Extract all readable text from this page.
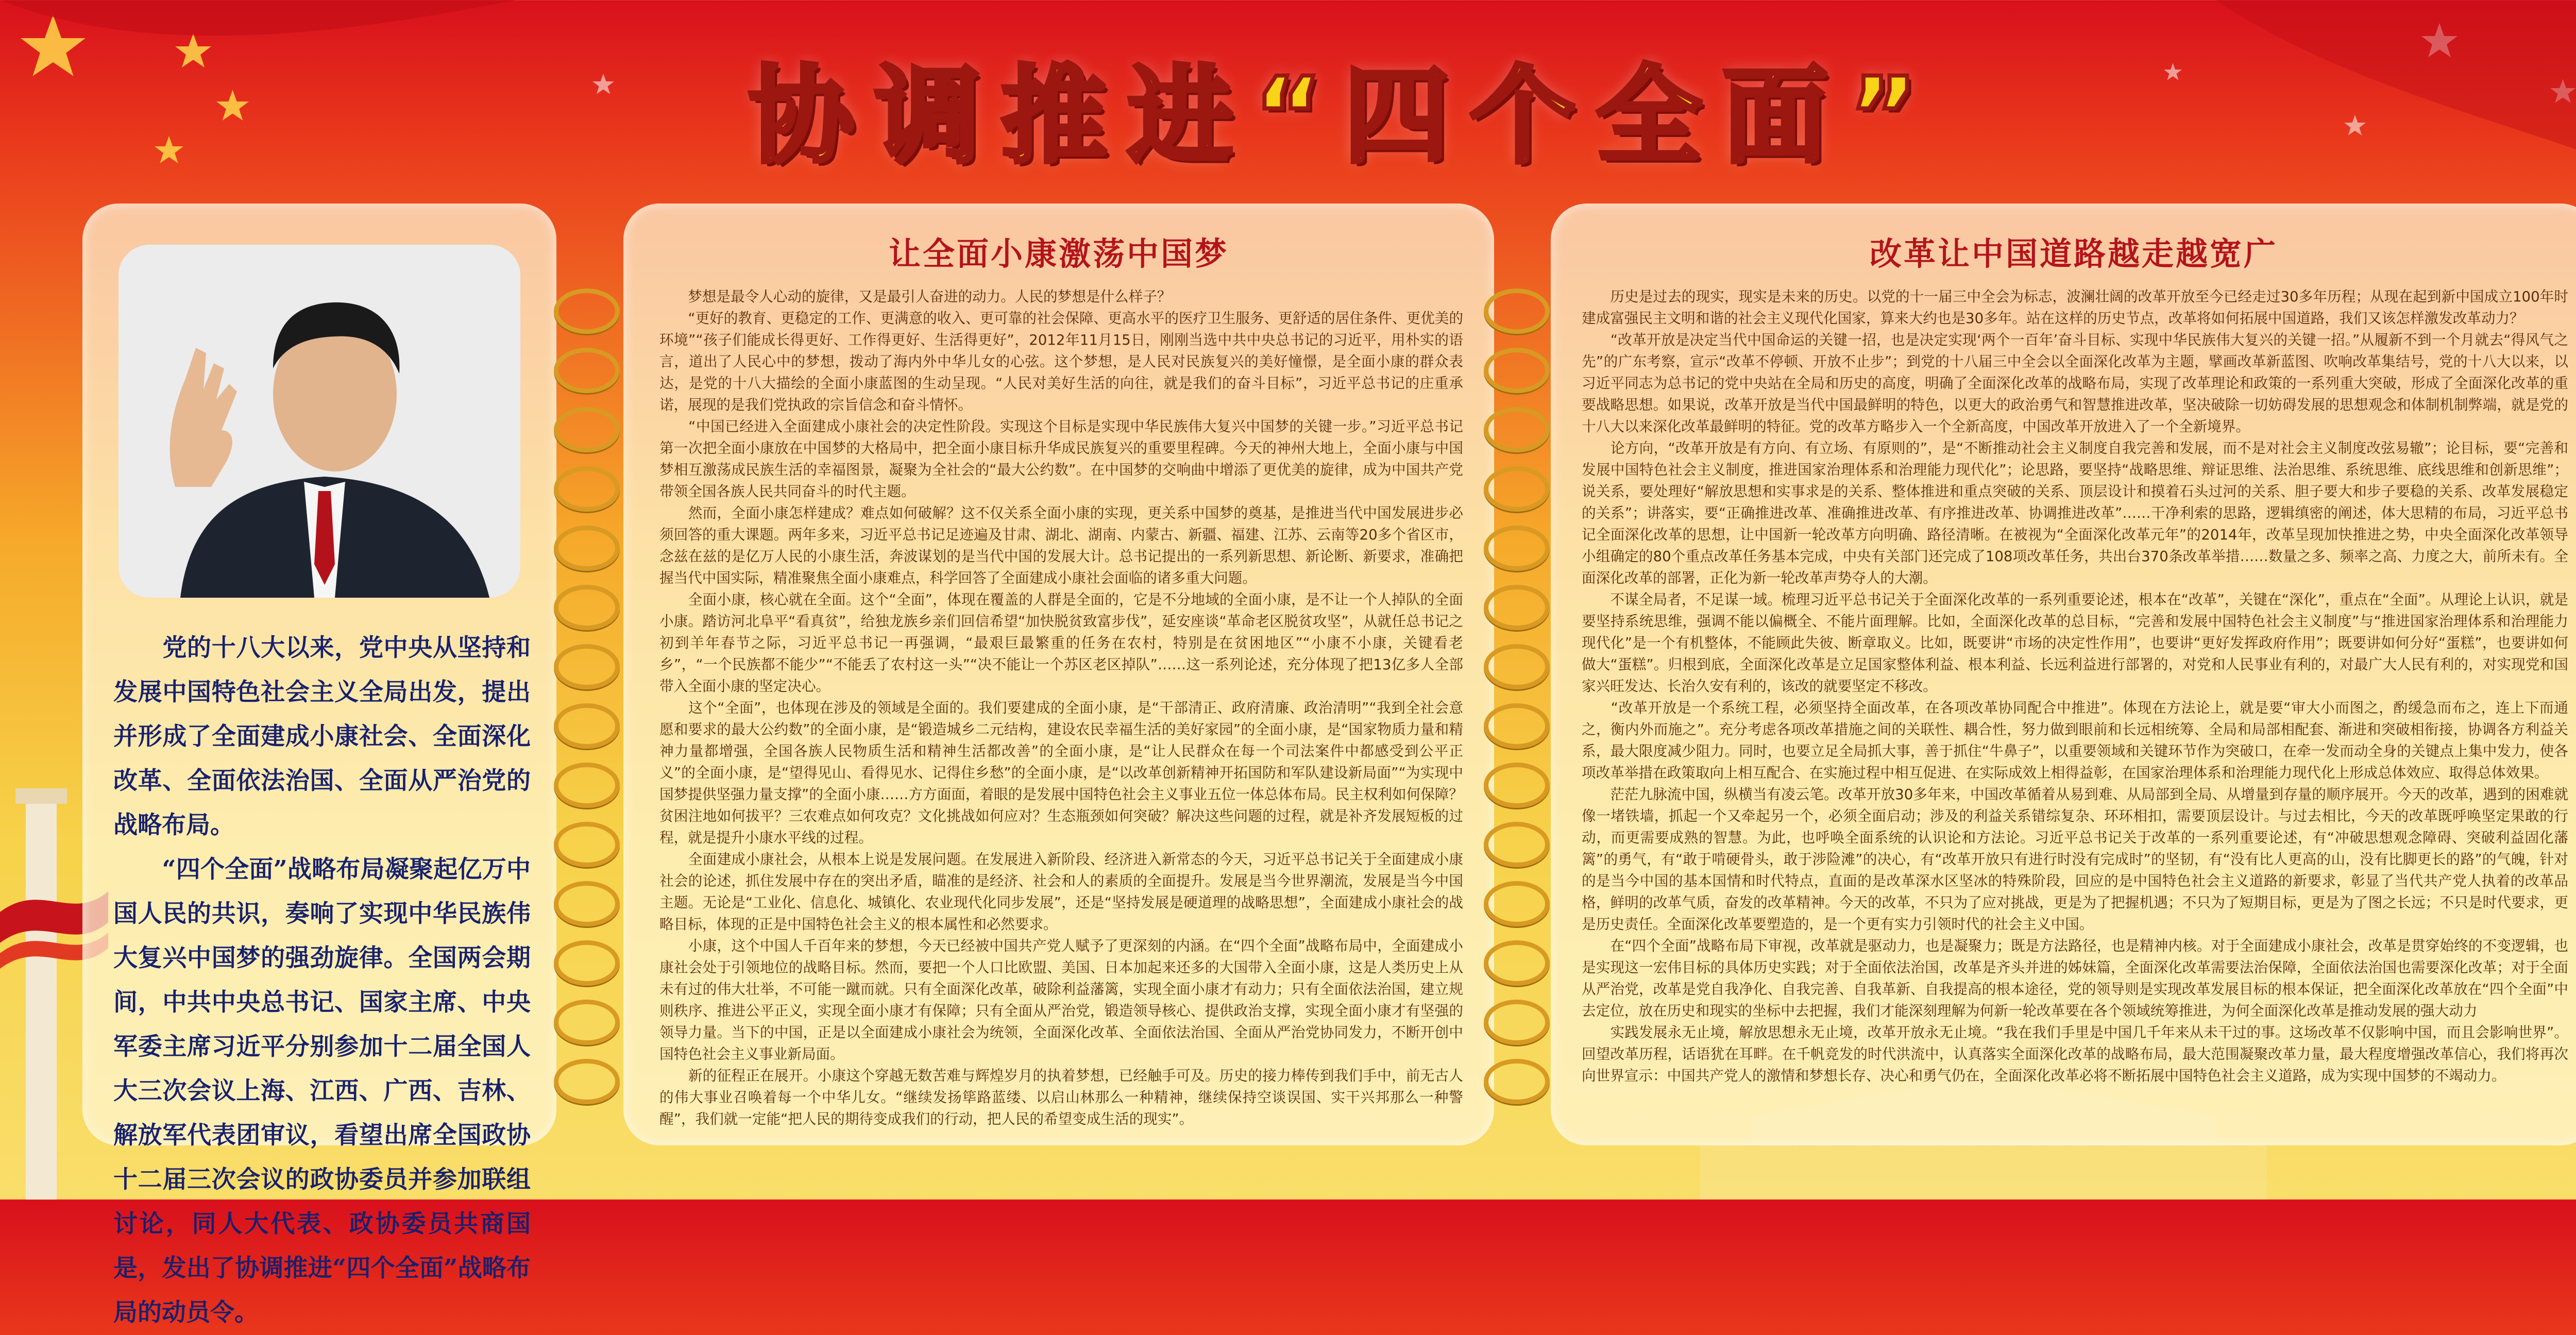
协调推进“四个全面”
　　党的十八大以来，党中央从坚持和发展中国特色社会主义全局出发，提出并形成了全面建成小康社会、全面深化改革、全面依法治国、全面从严治党的战略布局。
　　“四个全面”战略布局凝聚起亿万中国人民的共识，奏响了实现中华民族伟大复兴中国梦的强劲旋律。全国两会期间，中共中央总书记、国家主席、中央军委主席习近平分别参加十二届全国人大三次会议上海、江西、广西、吉林、解放军代表团审议，看望出席全国政协十二届三次会议的政协委员并参加联组讨论，同人大代表、政协委员共商国是，发出了协调推进“四个全面”战略布局的动员令。
让全面小康激荡中国梦
　　梦想是最令人心动的旋律，又是最引人奋进的动力。人民的梦想是什么样子？
　　“更好的教育、更稳定的工作、更满意的收入、更可靠的社会保障、更高水平的医疗卫生服务、更舒适的居住条件、更优美的环境”“孩子们能成长得更好、工作得更好、生活得更好”，2012年11月15日，刚刚当选中共中央总书记的习近平，用朴实的语言，道出了人民心中的梦想，拨动了海内外中华儿女的心弦。这个梦想，是人民对民族复兴的美好憧憬，是全面小康的群众表达，是党的十八大描绘的全面小康蓝图的生动呈现。“人民对美好生活的向往，就是我们的奋斗目标”，习近平总书记的庄重承诺，展现的是我们党执政的宗旨信念和奋斗情怀。
　　“中国已经进入全面建成小康社会的决定性阶段。实现这个目标是实现中华民族伟大复兴中国梦的关键一步。”习近平总书记第一次把全面小康放在中国梦的大格局中，把全面小康目标升华成民族复兴的重要里程碑。今天的神州大地上，全面小康与中国梦相互激荡成民族生活的幸福图景，凝聚为全社会的“最大公约数”。在中国梦的交响曲中增添了更优美的旋律，成为中国共产党带领全国各族人民共同奋斗的时代主题。
　　然而，全面小康怎样建成？难点如何破解？这不仅关系全面小康的实现，更关系中国梦的奠基，是推进当代中国发展进步必须回答的重大课题。两年多来，习近平总书记足迹遍及甘肃、湖北、湖南、内蒙古、新疆、福建、江苏、云南等20多个省区市，念兹在兹的是亿万人民的小康生活，奔波谋划的是当代中国的发展大计。总书记提出的一系列新思想、新论断、新要求，准确把握当代中国实际，精准聚焦全面小康难点，科学回答了全面建成小康社会面临的诸多重大问题。
　　全面小康，核心就在全面。这个“全面”，体现在覆盖的人群是全面的，它是不分地域的全面小康，是不让一个人掉队的全面小康。踏访河北阜平“看真贫”，给独龙族乡亲们回信希望“加快脱贫致富步伐”，延安座谈“革命老区脱贫攻坚”，从就任总书记之初到羊年春节之际，习近平总书记一再强调，“最艰巨最繁重的任务在农村，特别是在贫困地区”“小康不小康，关键看老乡”，“一个民族都不能少”“不能丢了农村这一头”“决不能让一个苏区老区掉队”……这一系列论述，充分体现了把13亿多人全部带入全面小康的坚定决心。
　　这个“全面”，也体现在涉及的领域是全面的。我们要建成的全面小康，是“干部清正、政府清廉、政治清明”“我到全社会意愿和要求的最大公约数”的全面小康，是“锻造城乡二元结构，建设农民幸福生活的美好家园”的全面小康，是“国家物质力量和精神力量都增强，全国各族人民物质生活和精神生活都改善”的全面小康，是“让人民群众在每一个司法案件中都感受到公平正义”的全面小康，是“望得见山、看得见水、记得住乡愁”的全面小康，是“以改革创新精神开拓国防和军队建设新局面”“为实现中国梦提供坚强力量支撑”的全面小康……方方面面，着眼的是发展中国特色社会主义事业五位一体总体布局。民主权利如何保障？贫困注地如何拔平？三农难点如何攻克？文化挑战如何应对？生态瓶颈如何突破？解决这些问题的过程，就是补齐发展短板的过程，就是提升小康水平线的过程。
　　全面建成小康社会，从根本上说是发展问题。在发展进入新阶段、经济进入新常态的今天，习近平总书记关于全面建成小康社会的论述，抓住发展中存在的突出矛盾，瞄准的是经济、社会和人的素质的全面提升。发展是当今世界潮流，发展是当今中国主题。无论是“工业化、信息化、城镇化、农业现代化同步发展”，还是“坚持发展是硬道理的战略思想”，全面建成小康社会的战略目标，体现的正是中国特色社会主义的根本属性和必然要求。
　　小康，这个中国人千百年来的梦想，今天已经被中国共产党人赋予了更深刻的内涵。在“四个全面”战略布局中，全面建成小康社会处于引领地位的战略目标。然而，要把一个人口比欧盟、美国、日本加起来还多的大国带入全面小康，这是人类历史上从未有过的伟大壮举，不可能一蹴而就。只有全面深化改革，破除利益藩篱，实现全面小康才有动力；只有全面依法治国，建立规则秩序、推进公平正义，实现全面小康才有保障；只有全面从严治党，锻造领导核心、提供政治支撑，实现全面小康才有坚强的领导力量。当下的中国，正是以全面建成小康社会为统领，全面深化改革、全面依法治国、全面从严治党协同发力，不断开创中国特色社会主义事业新局面。
　　新的征程正在展开。小康这个穿越无数苦难与辉煌岁月的执着梦想，已经触手可及。历史的接力棒传到我们手中，前无古人的伟大事业召唤着每一个中华儿女。“继续发扬筚路蓝缕、以启山林那么一种精神，继续保持空谈误国、实干兴邦那么一种警醒”，我们就一定能“把人民的期待变成我们的行动，把人民的希望变成生活的现实”。
改革让中国道路越走越宽广
　　历史是过去的现实，现实是未来的历史。以党的十一届三中全会为标志，波澜壮阔的改革开放至今已经走过30多年历程；从现在起到新中国成立100年时建成富强民主文明和谐的社会主义现代化国家，算来大约也是30多年。站在这样的历史节点，改革将如何拓展中国道路，我们又该怎样激发改革动力？
　　“改革开放是决定当代中国命运的关键一招，也是决定实现‘两个一百年’奋斗目标、实现中华民族伟大复兴的关键一招。”从履新不到一个月就去“得风气之先”的广东考察，宣示“改革不停顿、开放不止步”；到党的十八届三中全会以全面深化改革为主题，擘画改革新蓝图、吹响改革集结号，党的十八大以来，以习近平同志为总书记的党中央站在全局和历史的高度，明确了全面深化改革的战略布局，实现了改革理论和政策的一系列重大突破，形成了全面深化改革的重要战略思想。如果说，改革开放是当代中国最鲜明的特色，以更大的政治勇气和智慧推进改革，坚决破除一切妨碍发展的思想观念和体制机制弊端，就是党的十八大以来深化改革最鲜明的特征。党的改革方略步入一个全新高度，中国改革开放进入了一个全新境界。
　　论方向，“改革开放是有方向、有立场、有原则的”，是“不断推动社会主义制度自我完善和发展，而不是对社会主义制度改弦易辙”；论目标，要“完善和发展中国特色社会主义制度，推进国家治理体系和治理能力现代化”；论思路，要坚持“战略思维、辩证思维、法治思维、系统思维、底线思维和创新思维”；说关系，要处理好“解放思想和实事求是的关系、整体推进和重点突破的关系、顶层设计和摸着石头过河的关系、胆子要大和步子要稳的关系、改革发展稳定的关系”；讲落实，要“正确推进改革、准确推进改革、有序推进改革、协调推进改革”……干净利索的思路，逻辑缜密的阐述，体大思精的布局，习近平总书记全面深化改革的思想，让中国新一轮改革方向明确、路径清晰。在被视为“全面深化改革元年”的2014年，改革呈现加快推进之势，中央全面深化改革领导小组确定的80个重点改革任务基本完成，中央有关部门还完成了108项改革任务，共出台370条改革举措……数量之多、频率之高、力度之大，前所未有。全面深化改革的部署，正化为新一轮改革声势夺人的大潮。
　　不谋全局者，不足谋一域。梳理习近平总书记关于全面深化改革的一系列重要论述，根本在“改革”，关键在“深化”，重点在“全面”。从理论上认识，就是要坚持系统思维，强调不能以偏概全、不能片面理解。比如，全面深化改革的总目标，“完善和发展中国特色社会主义制度”与“推进国家治理体系和治理能力现代化”是一个有机整体，不能顾此失彼、断章取义。比如，既要讲“市场的决定性作用”，也要讲“更好发挥政府作用”；既要讲如何分好“蛋糕”，也要讲如何做大“蛋糕”。归根到底，全面深化改革是立足国家整体利益、根本利益、长远利益进行部署的，对党和人民事业有利的，对最广大人民有利的，对实现党和国家兴旺发达、长治久安有利的，该改的就要坚定不移改。
　　“改革开放是一个系统工程，必须坚持全面改革，在各项改革协同配合中推进”。体现在方法论上，就是要“审大小而图之，酌缓急而布之，连上下而通之，衡内外而施之”。充分考虑各项改革措施之间的关联性、耦合性，努力做到眼前和长远相统筹、全局和局部相配套、渐进和突破相衔接，协调各方利益关系，最大限度减少阻力。同时，也要立足全局抓大事，善于抓住“牛鼻子”，以重要领域和关键环节作为突破口，在牵一发而动全身的关键点上集中发力，使各项改革举措在政策取向上相互配合、在实施过程中相互促进、在实际成效上相得益彰，在国家治理体系和治理能力现代化上形成总体效应、取得总体效果。
　　茫茫九脉流中国，纵横当有凌云笔。改革开放30多年来，中国改革循着从易到难、从局部到全局、从增量到存量的顺序展开。今天的改革，遇到的困难就像一堵铁墙，抓起一个又牵起另一个，必须全面启动；涉及的利益关系错综复杂、环环相扣，需要顶层设计。与过去相比，今天的改革既呼唤坚定果敢的行动，而更需要成熟的智慧。为此，也呼唤全面系统的认识论和方法论。习近平总书记关于改革的一系列重要论述，有“冲破思想观念障碍、突破利益固化藩篱”的勇气，有“敢于啃硬骨头，敢于涉险滩”的决心，有“改革开放只有进行时没有完成时”的坚韧，有“没有比人更高的山，没有比脚更长的路”的气魄，针对的是当今中国的基本国情和时代特点，直面的是改革深水区坚冰的特殊阶段，回应的是中国特色社会主义道路的新要求，彰显了当代共产党人执着的改革品格，鲜明的改革气质，奋发的改革精神。今天的改革，不只为了应对挑战，更是为了把握机遇；不只为了短期目标，更是为了图之长远；不只是时代要求，更是历史责任。全面深化改革要塑造的，是一个更有实力引领时代的社会主义中国。
　　在“四个全面”战略布局下审视，改革就是驱动力，也是凝聚力；既是方法路径，也是精神内核。对于全面建成小康社会，改革是贯穿始终的不变逻辑，也是实现这一宏伟目标的具体历史实践；对于全面依法治国，改革是齐头并进的姊妹篇，全面深化改革需要法治保障，全面依法治国也需要深化改革；对于全面从严治党，改革是党自我净化、自我完善、自我革新、自我提高的根本途径，党的领导则是实现改革发展目标的根本保证，把全面深化改革放在“四个全面”中去定位，放在历史和现实的坐标中去把握，我们才能深刻理解为何新一轮改革要在各个领域统筹推进，为何全面深化改革是推动发展的强大动力
　　实践发展永无止境，解放思想永无止境，改革开放永无止境。“我在我们手里是中国几千年来从未干过的事。这场改革不仅影响中国，而且会影响世界”。回望改革历程，话语犹在耳畔。在千帆竞发的时代洪流中，认真落实全面深化改革的战略布局，最大范围凝聚改革力量，最大程度增强改革信心，我们将再次向世界宣示：中国共产党人的激情和梦想长存、决心和勇气仍在，全面深化改革必将不断拓展中国特色社会主义道路，成为实现中国梦的不竭动力。
